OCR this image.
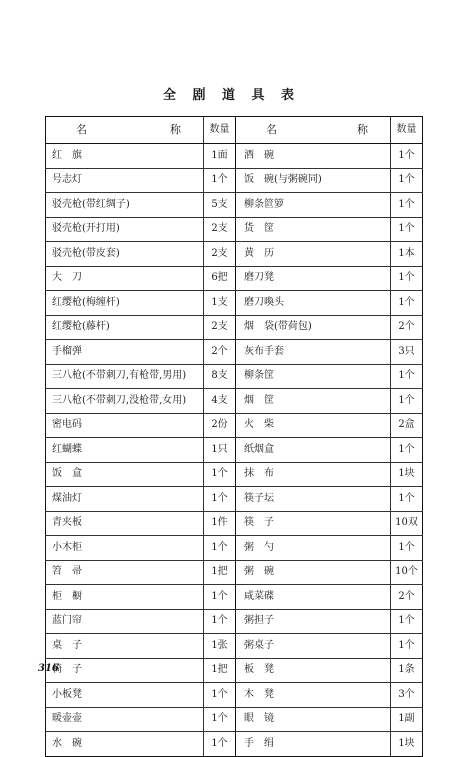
全 剧 道 具 表
名 称	数量	名 称	数量
红　旗	1面	酒　碗	1个
号志灯	1个	饭　碗(与粥碗同)	1个
驳壳枪(带红绸子)	5支	柳条笸箩	1个
驳壳枪(开打用)	2支	货　筐	1个
驳壳枪(带皮套)	2支	黄　历	1本
大　刀	6把	磨刀凳	1个
红缨枪(梅缠杆)	1支	磨刀喚头	1个
红缨枪(藤杆)	2支	烟　袋(带荷包)	2个
手榴弹	2个	灰布手套	3只
三八枪(不带刺刀,有枪带,男用)	8支	柳条筐	1个
三八枪(不带刺刀,没枪带,女用)	4支	烟　筐	1个
密电码	2份	火　柴	2盒
红蝴蝶	1只	纸烟盒	1个
饭　盒	1个	抹　布	1块
煤油灯	1个	筷子坛	1个
青夹板	1件	筷　子	10双
小木柜	1个	粥　勺	1个
笤　帚	1把	粥　碗	10个
柜　橱	1个	咸菜碟	2个
蓝门帘	1个	粥担子	1个
桌　子	1张	粥桌子	1个
椅　子	1把	板　凳	1条
小板凳	1个	木　凳	3个
暖壶壶	1个	眼　镜	1副
水　碗	1个	手　绢	1块
316
